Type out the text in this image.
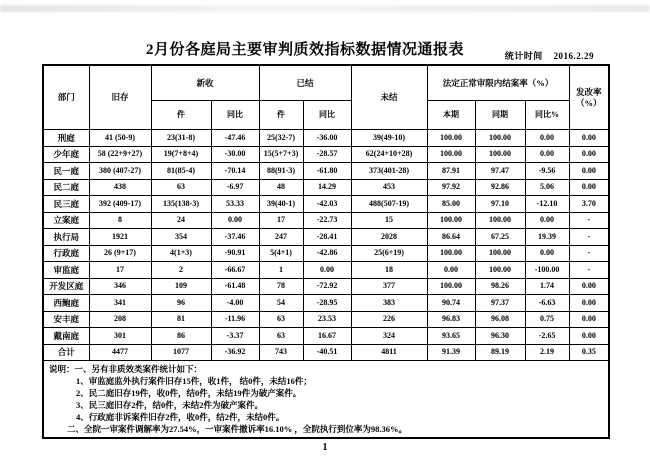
2月份各庭局主要审判质效指标数据情况通报表	统计时间 2016.2.29
部门	旧存	新收		已结		未结	法定正常审限内结案率（%）			发改率
（%）
		件	同比	件	同比		本期	同期	同比%	
刑庭	41 (50-9)	23(31-8)	-47.46	25(32-7)	-36.00	39(49-10)	100.00	100.00	0.00	0.00
少年庭	58 (22+9+27)	19(7+8+4)	-30.00	15(5+7+3)	-28.57	62(24+10+28)	100.00	100.00	0.00	0.00
民一庭	380 (407-27)	81(85-4)	-70.14	88(91-3)	-61.80	373(401-28)	87.91	97.47	-9.56	0.00
民二庭	438	63	-6.97	48	14.29	453	97.92	92.86	5.06	0.00
民三庭	392 (409-17)	135(138-3)	53.33	39(40-1)	-42.03	488(507-19)	85.00	97.10	-12.10	3.70
立案庭	8	24	0.00	17	-22.73	15	100.00	100.00	0.00	-
执行局	1921	354	-37.46	247	-28.41	2028	86.64	67.25	19.39	-
行政庭	26 (9+17)	4(1+3)	-90.91	5(4+1)	-42.86	25(6+19)	100.00	100.00	0.00	-
审监庭	17	2	-66.67	1	0.00	18	0.00	100.00	-100.00	-
开发区庭	346	109	-61.48	78	-72.92	377	100.00	98.26	1.74	0.00
西鲍庭	341	96	-4.00	54	-28.95	383	90.74	97.37	-6.63	0.00
安丰庭	208	81	-11.96	63	23.53	226	96.83	96.08	0.75	0.00
戴南庭	301	86	-3.37	63	16.67	324	93.65	96.30	-2.65	0.00
合计	4477	1077	-36.92	743	-40.51	4811	91.39	89.19	2.19	0.35

说明：一、另有非质效类案件统计如下：
1、审监庭监外执行案件旧存15件，收1件， 结0件，未结16件；
2、民二庭旧存19件，收0件，结0件，未结19件为破产案件。
3、民三庭旧存2件，结0件，未结2件为破产案件。
4、行政庭非诉案件旧存2件，收0件，结2件，未结0件。
二、全院一审案件调解率为27.54%，一审案件撤诉率16.10% ，全院执行到位率为98.36%。
1
